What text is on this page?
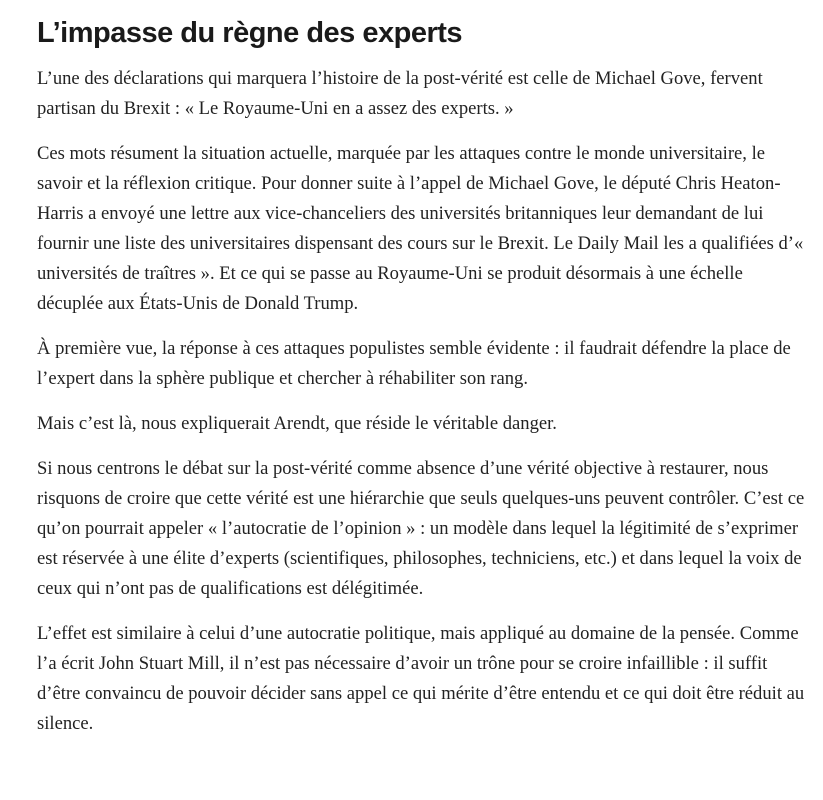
L’impasse du règne des experts

L’une des déclarations qui marquera l’histoire de la post-vérité est celle de Michael Gove, fervent partisan du Brexit : « Le Royaume-Uni en a assez des experts. »

Ces mots résument la situation actuelle, marquée par les attaques contre le monde universitaire, le savoir et la réflexion critique. Pour donner suite à l’appel de Michael Gove, le député Chris Heaton-Harris a envoyé une lettre aux vice-chanceliers des universités britanniques leur demandant de lui fournir une liste des universitaires dispensant des cours sur le Brexit. Le Daily Mail les a qualifiées d’« universités de traîtres ». Et ce qui se passe au Royaume-Uni se produit désormais à une échelle décuplée aux États-Unis de Donald Trump.

À première vue, la réponse à ces attaques populistes semble évidente : il faudrait défendre la place de l’expert dans la sphère publique et chercher à réhabiliter son rang.

Mais c’est là, nous expliquerait Arendt, que réside le véritable danger.

Si nous centrons le débat sur la post-vérité comme absence d’une vérité objective à restaurer, nous risquons de croire que cette vérité est une hiérarchie que seuls quelques-uns peuvent contrôler. C’est ce qu’on pourrait appeler « l’autocratie de l’opinion » : un modèle dans lequel la légitimité de s’exprimer est réservée à une élite d’experts (scientifiques, philosophes, techniciens, etc.) et dans lequel la voix de ceux qui n’ont pas de qualifications est délégitimée.

L’effet est similaire à celui d’une autocratie politique, mais appliqué au domaine de la pensée. Comme l’a écrit John Stuart Mill, il n’est pas nécessaire d’avoir un trône pour se croire infaillible : il suffit d’être convaincu de pouvoir décider sans appel ce qui mérite d’être entendu et ce qui doit être réduit au silence.
